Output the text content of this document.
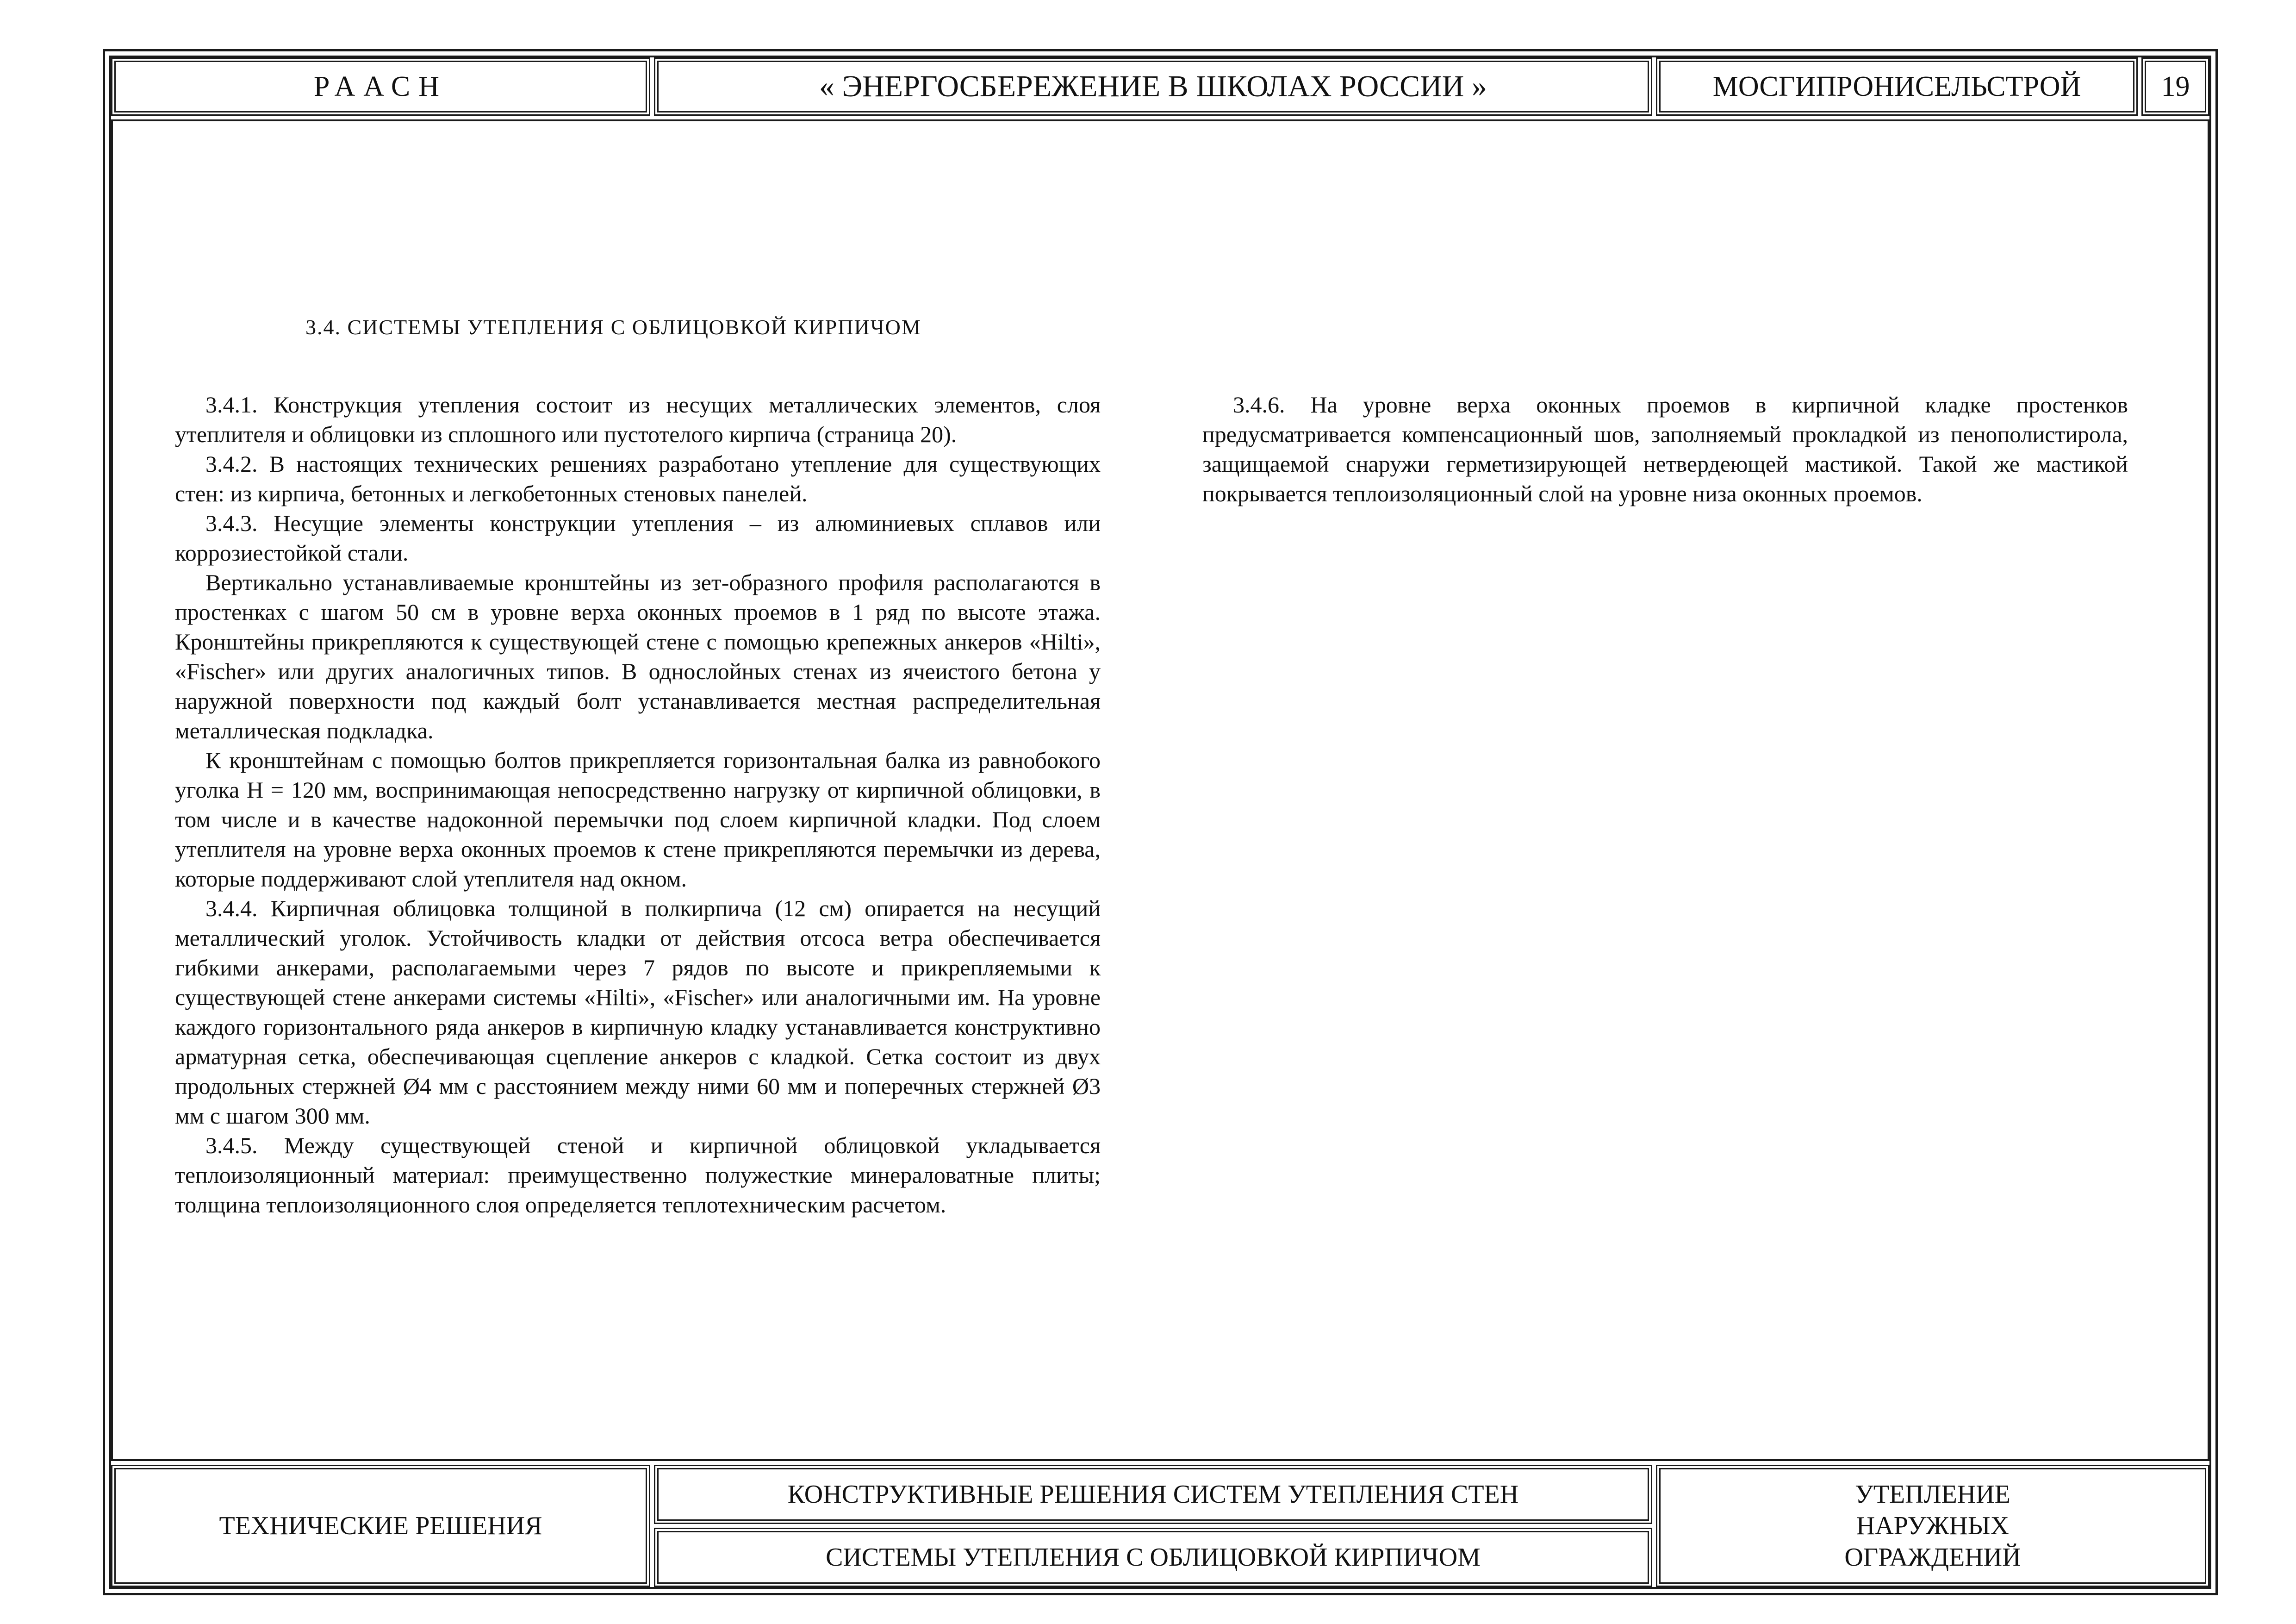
РААСН	« ЭНЕРГОСБЕРЕЖЕНИЕ В ШКОЛАХ РОССИИ »	МОСГИПРОНИСЕЛЬСТРОЙ	19
3.4. СИСТЕМЫ УТЕПЛЕНИЯ С ОБЛИЦОВКОЙ КИРПИЧОМ

3.4.1. Конструкция утепления состоит из несущих металлических элементов, слоя утеплителя и облицовки из сплошного или пустотелого кирпича (страница 20).

3.4.2. В настоящих технических решениях разработано утепление для существующих стен: из кирпича, бетонных и легкобетонных стеновых панелей.

3.4.3. Несущие элементы конструкции утепления – из алюминиевых сплавов или коррозиестойкой стали.

Вертикально устанавливаемые кронштейны из зет-образного профиля располагаются в простенках с шагом 50 см в уровне верха оконных проемов в 1 ряд по высоте этажа. Кронштейны прикрепляются к существующей стене с помощью крепежных анкеров «Hilti», «Fischer» или других аналогичных типов. В однослойных стенах из ячеистого бетона у наружной поверхности под каждый болт устанавливается местная распределительная металлическая подкладка.

К кронштейнам с помощью болтов прикрепляется горизонтальная балка из равнобокого уголка H = 120 мм, воспринимающая непосредственно нагрузку от кирпичной облицовки, в том числе и в качестве надоконной перемычки под слоем кирпичной кладки. Под слоем утеплителя на уровне верха оконных проемов к стене прикрепляются перемычки из дерева, которые поддерживают слой утеплителя над окном.

3.4.4. Кирпичная облицовка толщиной в полкирпича (12 см) опирается на несущий металлический уголок. Устойчивость кладки от действия отсоса ветра обеспечивается гибкими анкерами, располагаемыми через 7 рядов по высоте и прикрепляемыми к существующей стене анкерами системы «Hilti», «Fischer» или аналогичными им. На уровне каждого горизонтального ряда анкеров в кирпичную кладку устанавливается конструктивно арматурная сетка, обеспечивающая сцепление анкеров с кладкой. Сетка состоит из двух продольных стержней Ø4 мм с расстоянием между ними 60 мм и поперечных стержней Ø3 мм с шагом 300 мм.

3.4.5. Между существующей стеной и кирпичной облицовкой укладывается теплоизоляционный материал: преимущественно полужесткие минераловатные плиты; толщина теплоизоляционного слоя определяется теплотехническим расчетом.

3.4.6. На уровне верха оконных проемов в кирпичной кладке простенков предусматривается компенсационный шов, заполняемый прокладкой из пенополистирола, защищаемой снаружи герметизирующей нетвердеющей мастикой. Такой же мастикой покрывается теплоизоляционный слой на уровне низа оконных проемов.

ТЕХНИЧЕСКИЕ РЕШЕНИЯ
КОНСТРУКТИВНЫЕ РЕШЕНИЯ СИСТЕМ УТЕПЛЕНИЯ СТЕН
СИСТЕМЫ УТЕПЛЕНИЯ С ОБЛИЦОВКОЙ КИРПИЧОМ
УТЕПЛЕНИЕ НАРУЖНЫХ ОГРАЖДЕНИЙ
